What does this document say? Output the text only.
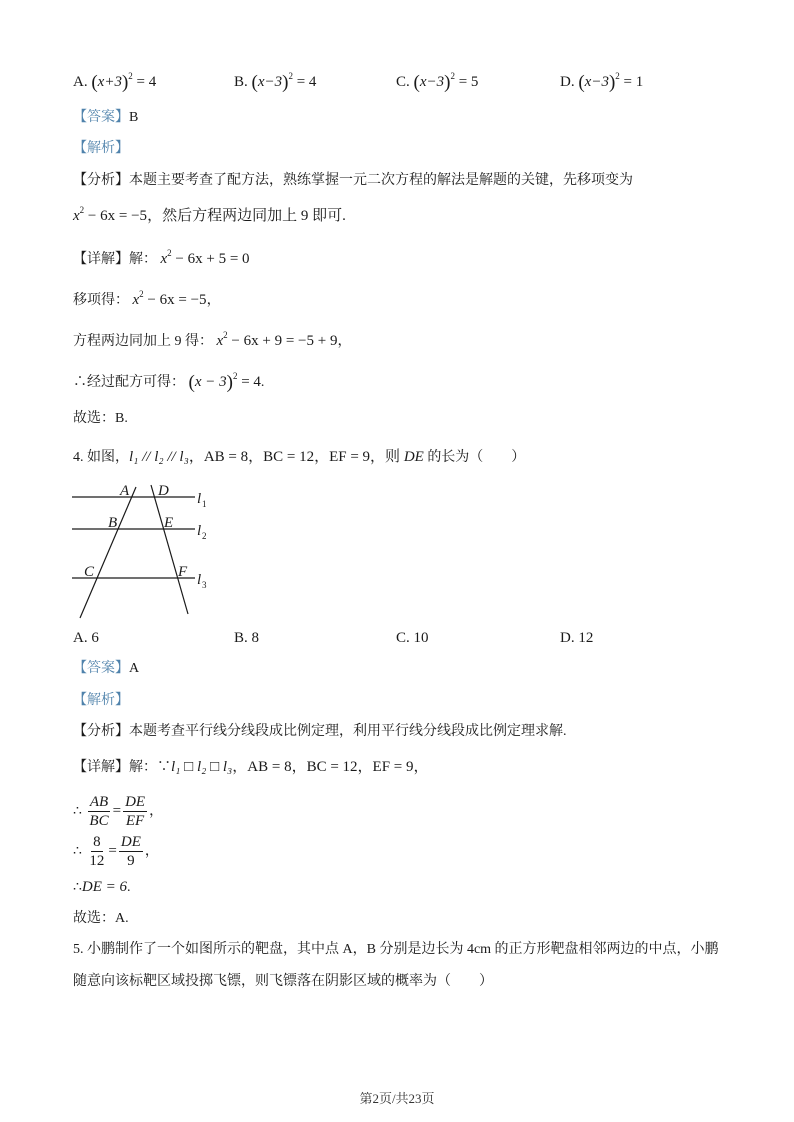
A. $(x+3)^2 = 4$	B. $(x-3)^2 = 4$	C. $(x-3)^2 = 5$	D. $(x-3)^2 = 1$
【答案】B
【解析】
【分析】本题主要考查了配方法，熟练掌握一元二次方程的解法是解题的关键，先移项变为
$x^2 - 6x = -5$，然后方程两边同加上 9 即可.
【详解】解： $x^2 - 6x + 5 = 0$
移项得： $x^2 - 6x = -5$，
方程两边同加上 9 得： $x^2 - 6x + 9 = -5 + 9$，
∴经过配方可得： $(x - 3)^2 = 4$.
故选：B.
4. 如图，l₁ // l₂ // l₃，AB = 8，BC = 12，EF = 9，则 DE 的长为（　　）
A D
B	E
C	F
l 1
l 2
l 3
A. 6	B. 8	C. 10	D. 12
【答案】A
【解析】
【分析】本题考查平行线分线段成比例定理，利用平行线分线段成比例定理求解.
【详解】解：∵l₁ □ l₂ □ l₃，AB = 8，BC = 12，EF = 9，
∴ $\frac{AB}{BC} = \frac{DE}{EF}$ ，
∴ $\frac{8}{12} = \frac{DE}{9}$ ，
∴DE = 6.
故选：A.
5. 小鹏制作了一个如图所示的靶盘，其中点 A，B 分别是边长为 4cm 的正方形靶盘相邻两边的中点，小鹏
随意向该标靶区域投掷飞镖，则飞镖落在阴影区域的概率为（　　）
第2页/共23页
